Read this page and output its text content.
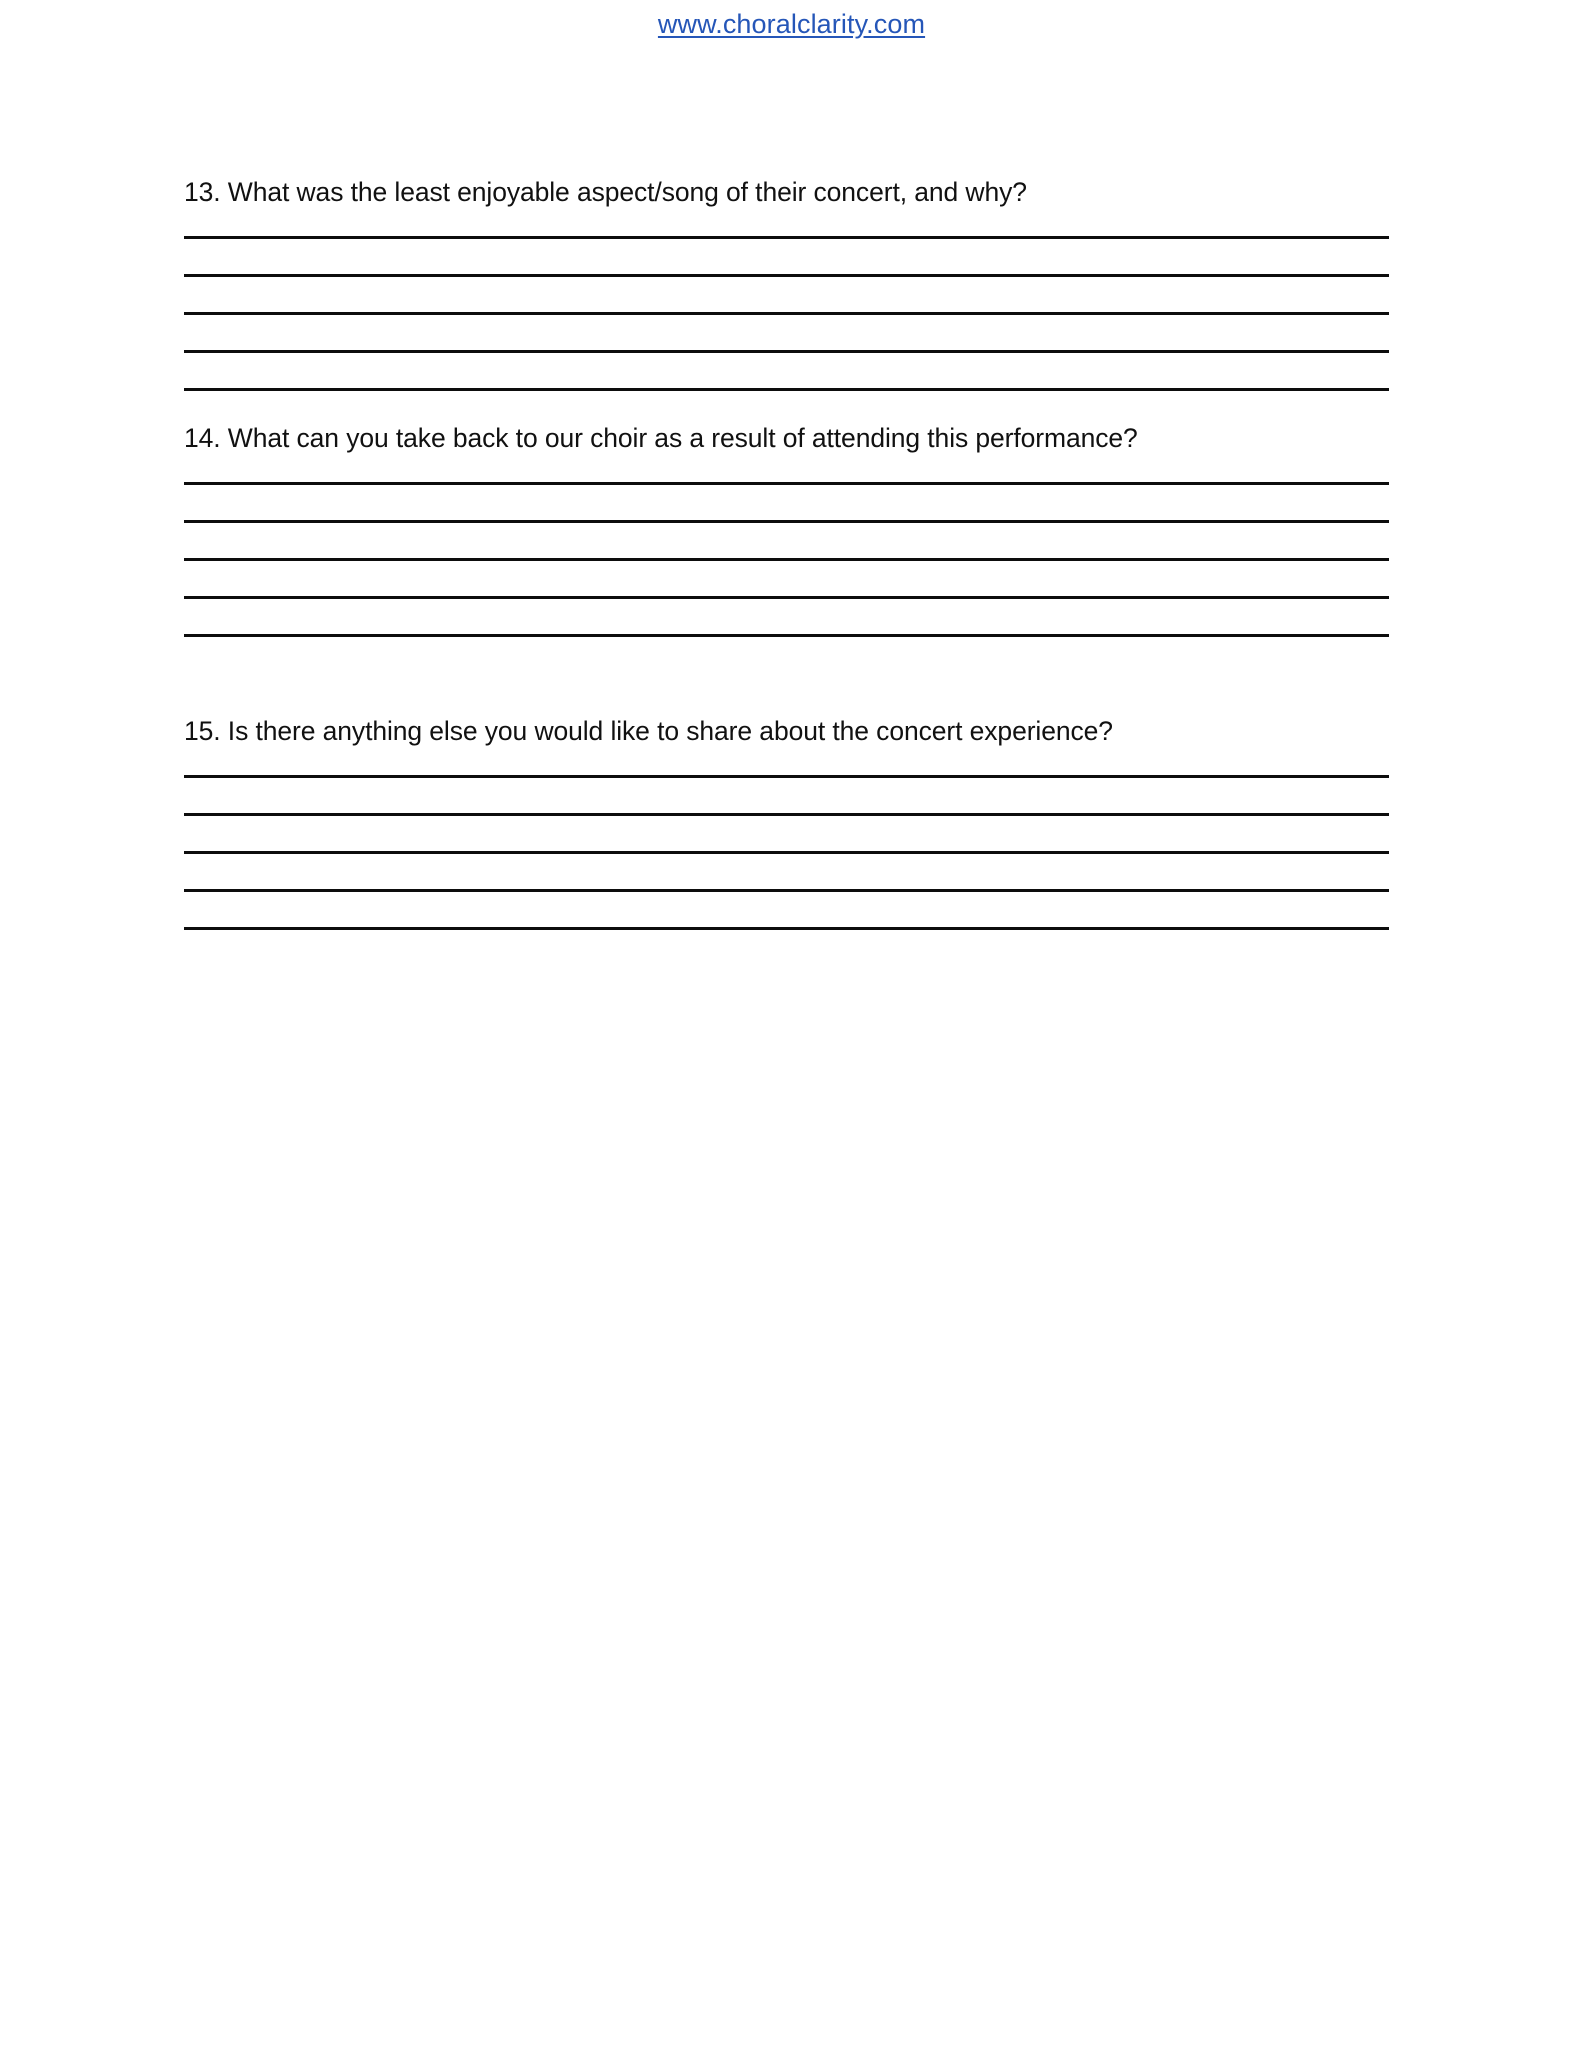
www.choralclarity.com

13. What was the least enjoyable aspect/song of their concert, and why?

14. What can you take back to our choir as a result of attending this performance?

15. Is there anything else you would like to share about the concert experience?
